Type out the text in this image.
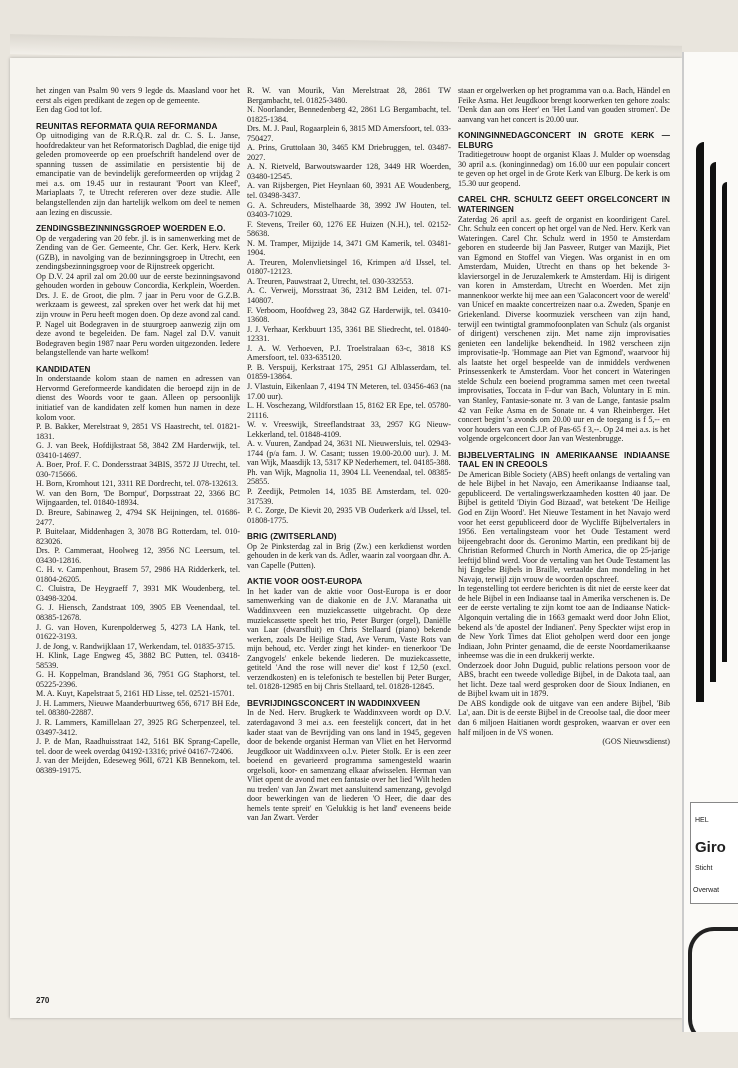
het zingen van Psalm 90 vers 9 legde ds. Maasland voor het eerst als eigen predikant de zegen op de gemeente.

Een dag God tot lof.

REUNITAS REFORMATA QUIA REFORMANDA

Op uitnodiging van de R.R.Q.R. zal dr. C. S. L. Janse, hoofdredakteur van het Reformatorisch Dagblad, die enige tijd geleden promoveerde op een proefschrift handelend over de spanning tussen de assimilatie en persistentie bij de emancipatie van de bevindelijk gereformeerden op vrijdag 2 mei a.s. om 19.45 uur in restaurant 'Poort van Kleef', Mariaplaats 7, te Utrecht refereren over deze studie. Alle belangstellenden zijn dan hartelijk welkom om deel te nemen aan lezing en discussie.

ZENDINGSBEZINNINGSGROEP WOERDEN E.O.

Op de vergadering van 20 febr. jl. is in samenwerking met de Zending van de Ger. Gemeente, Chr. Ger. Kerk, Herv. Kerk (GZB), in navolging van de bezinningsgroep in Utrecht, een zendingsbezinningsgroep voor de Rijnstreek opgericht.

Op D.V. 24 april zal om 20.00 uur de eerste bezinningsavond gehouden worden in gebouw Concordia, Kerkplein, Woerden. Drs. J. E. de Groot, die plm. 7 jaar in Peru voor de G.Z.B. werkzaam is geweest, zal spreken over het werk dat hij met zijn vrouw in Peru heeft mogen doen. Op deze avond zal cand. P. Nagel uit Bodegraven in de stuurgroep aanwezig zijn om deze avond te begeleiden. De fam. Nagel zal D.V. vanuit Bodegraven begin 1987 naar Peru worden uitgezonden. Iedere belangstellende van harte welkom!

KANDIDATEN

In onderstaande kolom staan de namen en adressen van Hervormd Gereformeerde kandidaten die beroepd zijn in de dienst des Woords voor te gaan. Alleen op persoonlijk initiatief van de kandidaten zelf komen hun namen in deze kolom voor.

P. B. Bakker, Merelstraat 9, 2851 VS Haastrecht, tel. 01821-1831.

G. J. van Beek, Hofdijkstraat 58, 3842 ZM Harderwijk, tel. 03410-14697.

A. Boer, Prof. F. C. Dondersstraat 34BIS, 3572 JJ Utrecht, tel. 030-715666.

H. Born, Kromhout 121, 3311 RE Dordrecht, tel. 078-132613.

W. van den Born, 'De Bornput', Dorpsstraat 22, 3366 BC Wijngaarden, tel. 01840-18934.

D. Breure, Sabinaweg 2, 4794 SK Heijningen, tel. 01686-2477.

P. Buitelaar, Middenhagen 3, 3078 BG Rotterdam, tel. 010-823026.

Drs. P. Cammeraat, Hoolweg 12, 3956 NC Leersum, tel. 03430-12816.

C. H. v. Campenhout, Brasem 57, 2986 HA Ridderkerk, tel. 01804-26205.

C. Cluistra, De Heygraeff 7, 3931 MK Woudenberg, tel. 03498-3204.

G. J. Hiensch, Zandstraat 109, 3905 EB Veenendaal, tel. 08385-12678.

J. G. van Hoven, Kurenpolderweg 5, 4273 LA Hank, tel. 01622-3193.

J. de Jong, v. Randwijklaan 17, Werkendam, tel. 01835-3715.

H. Klink, Lage Engweg 45, 3882 BC Putten, tel. 03418-58539.

G. H. Koppelman, Brandsland 36, 7951 GG Staphorst, tel. 05225-2396.

M. A. Kuyt, Kapelstraat 5, 2161 HD Lisse, tel. 02521-15701.

J. H. Lammers, Nieuwe Maanderbuurtweg 656, 6717 BH Ede, tel. 08380-22887.

J. R. Lammers, Kamillelaan 27, 3925 RG Scherpenzeel, tel. 03497-3412.

J. P. de Man, Raadhuisstraat 142, 5161 BK Sprang-Capelle, tel. door de week overdag 04192-13316; privé 04167-72406.

J. van der Meijden, Edeseweg 96II, 6721 KB Bennekom, tel. 08389-19175.

R. W. van Mourik, Van Merelstraat 28, 2861 TW Bergambacht, tel. 01825-3480.

N. Noorlander, Bennedenberg 42, 2861 LG Bergambacht, tel. 01825-1384.

Drs. M. J. Paul, Rogaarplein 6, 3815 MD Amersfoort, tel. 033-750427.

A. Prins, Gruttolaan 30, 3465 KM Driebruggen, tel. 03487-2027.

A. N. Rietveld, Barwoutswaarder 128, 3449 HR Woerden, 03480-12545.

A. van Rijsbergen, Piet Heynlaan 60, 3931 AE Woudenberg, tel. 03498-3437.

G. A. Schreuders, Mistelhaarde 38, 3992 JW Houten, tel. 03403-71029.

F. Stevens, Treiler 60, 1276 EE Huizen (N.H.), tel. 02152-58638.

N. M. Tramper, Mijzijde 14, 3471 GM Kamerik, tel. 03481-1904.

A. Treuren, Molenvlietsingel 16, Krimpen a/d IJssel, tel. 01807-12123.

A. Treuren, Pauwstraat 2, Utrecht, tel. 030-332553.

A. C. Verweij, Morsstraat 36, 2312 BM Leiden, tel. 071-140807.

F. Verboom, Hoofdweg 23, 3842 GZ Harderwijk, tel. 03410-13608.

J. J. Verhaar, Kerkbuurt 135, 3361 BE Sliedrecht, tel. 01840-12331.

J. A. W. Verhoeven, P.J. Troelstralaan 63-c, 3818 KS Amersfoort, tel. 033-635120.

P. B. Verspuij, Kerkstraat 175, 2951 GJ Alblasserdam, tel. 01859-13864.

J. Vlastuin, Eikenlaan 7, 4194 TN Meteren, tel. 03456-463 (na 17.00 uur).

L. H. Voschezang, Wildforstlaan 15, 8162 ER Epe, tel. 05780-21116.

W. v. Vreeswijk, Streeflandstraat 33, 2957 KG Nieuw-Lekkerland, tel. 01848-4109.

A. v. Vuuren, Zandpad 24, 3631 NL Nieuwersluis, tel. 02943-1744 (p/a fam. J. W. Casant; tussen 19.00-20.00 uur). J. M. van Wijk, Maasdijk 13, 5317 KP Nederhemert, tel. 04185-388.

Ph. van Wijk, Magnolia 11, 3904 LL Veenendaal, tel. 08385-25855.

P. Zeedijk, Petmolen 14, 1035 BE Amsterdam, tel. 020-317539.

P. C. Zorge, De Kievit 20, 2935 VB Ouderkerk a/d IJssel, tel. 01808-1775.

BRIG (ZWITSERLAND)

Op 2e Pinksterdag zal in Brig (Zw.) een kerkdienst worden gehouden in de kerk van ds. Adler, waarin zal voorgaan dhr. A. van Capelle (Putten).

AKTIE VOOR OOST-EUROPA

In het kader van de aktie voor Oost-Europa is er door samenwerking van de diakonie en de J.V. Maranatha uit Waddinxveen een muziekcassette uitgebracht. Op deze muziekcassette speelt het trio, Peter Burger (orgel), Daniëlle van Laar (dwarsfluit) en Chris Stellaard (piano) bekende werken, zoals De Heilige Stad, Ave Verum, Vaste Rots van mijn behoud, etc. Verder zingt het kinder- en tienerkoor 'De Zangvogels' enkele bekende liederen. De muziekcassette, getiteld 'And the rose will never die' kost f 12,50 (excl. verzendkosten) en is telefonisch te bestellen bij Peter Burger, tel. 01828-12985 en bij Chris Stellaard, tel. 01828-12845.

BEVRIJDINGSCONCERT IN WADDINXVEEN

In de Ned. Herv. Brugkerk te Waddinxveen wordt op D.V. zaterdagavond 3 mei a.s. een feestelijk concert, dat in het kader staat van de Bevrijding van ons land in 1945, gegeven door de bekende organist Herman van Vliet en het Hervormd Jeugdkoor uit Waddinxveen o.l.v. Pieter Stolk. Er is een zeer boeiend en gevarieerd programma samengesteld waarin orgelsoli, koor- en samenzang elkaar afwisselen. Herman van Vliet opent de avond met een fantasie over het lied 'Wilt heden nu treden' van Jan Zwart met aansluitend samenzang, gevolgd door bewerkingen van de liederen 'O Heer, die daar des hemels tente spreit' en 'Gelukkig is het land' eveneens beide van Jan Zwart. Verder

staan er orgelwerken op het programma van o.a. Bach, Händel en Feike Asma. Het Jeugdkoor brengt koorwerken ten gehore zoals: 'Denk dan aan ons Heer' en 'Het Land van gouden stromen'. De aanvang van het concert is 20.00 uur.

KONINGINNEDAGCONCERT IN GROTE KERK — ELBURG

Traditiegetrouw hoopt de organist Klaas J. Mulder op woensdag 30 april a.s. (koninginnedag) om 16.00 uur een populair concert te geven op het orgel in de Grote Kerk van Elburg. De kerk is om 15.30 uur geopend.

CAREL CHR. SCHULTZ GEEFT ORGELCONCERT IN WATERINGEN

Zaterdag 26 april a.s. geeft de organist en koordirigent Carel. Chr. Schulz een concert op het orgel van de Ned. Herv. Kerk van Wateringen. Carel Chr. Schulz werd in 1950 te Amsterdam geboren en studeerde bij Jan Pasveer, Rutger van Mazijk, Piet van Egmond en Stoffel van Viegen. Was organist in en om Amsterdam, Muiden, Utrecht en thans op het bekende 3-klaviersorgel in de Jeruzalemkerk te Amsterdam. Hij is dirigent van koren in Amsterdam, Utrecht en Woerden. Met zijn mannenkoor werkte hij mee aan een 'Galaconcert voor de wereld' van Unicef en maakte concertreizen naar o.a. Zweden, Spanje en Griekenland. Diverse koormuziek verscheen van zijn hand, terwijl een twintigtal grammofoonplaten van Schulz (als organist of dirigent) verschenen zijn. Met name zijn improvisaties genieten een landelijke bekendheid. In 1982 verscheen zijn improvisatie-lp. 'Hommage aan Piet van Egmond', waarvoor hij als laatste het orgel bespeelde van de inmiddels verdwenen Prinsessenkerk te Amsterdam. Voor het concert in Wateringen stelde Schulz een boeiend programma samen met ceen tweetal improvisaties, Toccata in F-dur van Bach, Voluntary in E min. van Stanley, Fantasie-sonate nr. 3 van de Lange, fantasie psalm 42 van Feike Asma en de Sonate nr. 4 van Rheinberger. Het concert begint 's avonds om 20.00 uur en de toegang is f 5,-- en voor houders van een C.J.P. of Pas-65 f 3,--. Op 24 mei a.s. is het volgende orgelconcert door Jan van Westenbrugge.

BIJBELVERTALING IN AMERIKAANSE INDIAANSE TAAL EN IN CREOOLS

De American Bible Society (ABS) heeft onlangs de vertaling van de hele Bijbel in het Navajo, een Amerikaanse Indiaanse taal, gepubliceerd. De vertalingswerkzaamheden kostten 40 jaar. De Bijbel is getiteld 'Diyin God Bizaad', wat betekent 'De Heilige God en Zijn Woord'. Het Nieuwe Testament in het Navajo werd voor het eerst gepubliceerd door de Wycliffe Bijbelvertalers in 1956. Een vertalingsteam voor het Oude Testament werd bijeengebracht door ds. Geronimo Martin, een predikant bij de Christian Reformed Church in North America, die op 25-jarige leeftijd blind werd. Voor de vertaling van het Oude Testament las hij Engelse Bijbels in Braille, vertaalde dan mondeling in het Navajo, terwijl zijn vrouw de woorden opschreef.

In tegenstelling tot eerdere berichten is dit niet de eerste keer dat de hele Bijbel in een Indiaanse taal in Amerika verschenen is. De eer de eerste vertaling te zijn komt toe aan de Indiaanse Natick-Algonquin vertaling die in 1663 gemaakt werd door John Eliot, bekend als 'de apostel der Indianen'. Peny Speckter wijst erop in de New York Times dat Eliot geholpen werd door een jonge Indiaan, John Printer genaamd, die de eerste Noordamerikaanse inheemse was die in een drukkerij werkte.

Onderzoek door John Duguid, public relations persoon voor de ABS, bracht een tweede volledige Bijbel, in de Dakota taal, aan het licht. Deze taal werd gesproken door de Sioux Indianen, en de Bijbel kwam uit in 1879.

De ABS kondigde ook de uitgave van een andere Bijbel, 'Bib La', aan. Dit is de eerste Bijbel in de Creoolse taal, die door meer dan 6 miljoen Haitianen wordt gesproken, waarvan er over een half miljoen in de VS wonen.

(GOS Nieuwsdienst)

270
HEL
Giro
Sticht
Overwat
